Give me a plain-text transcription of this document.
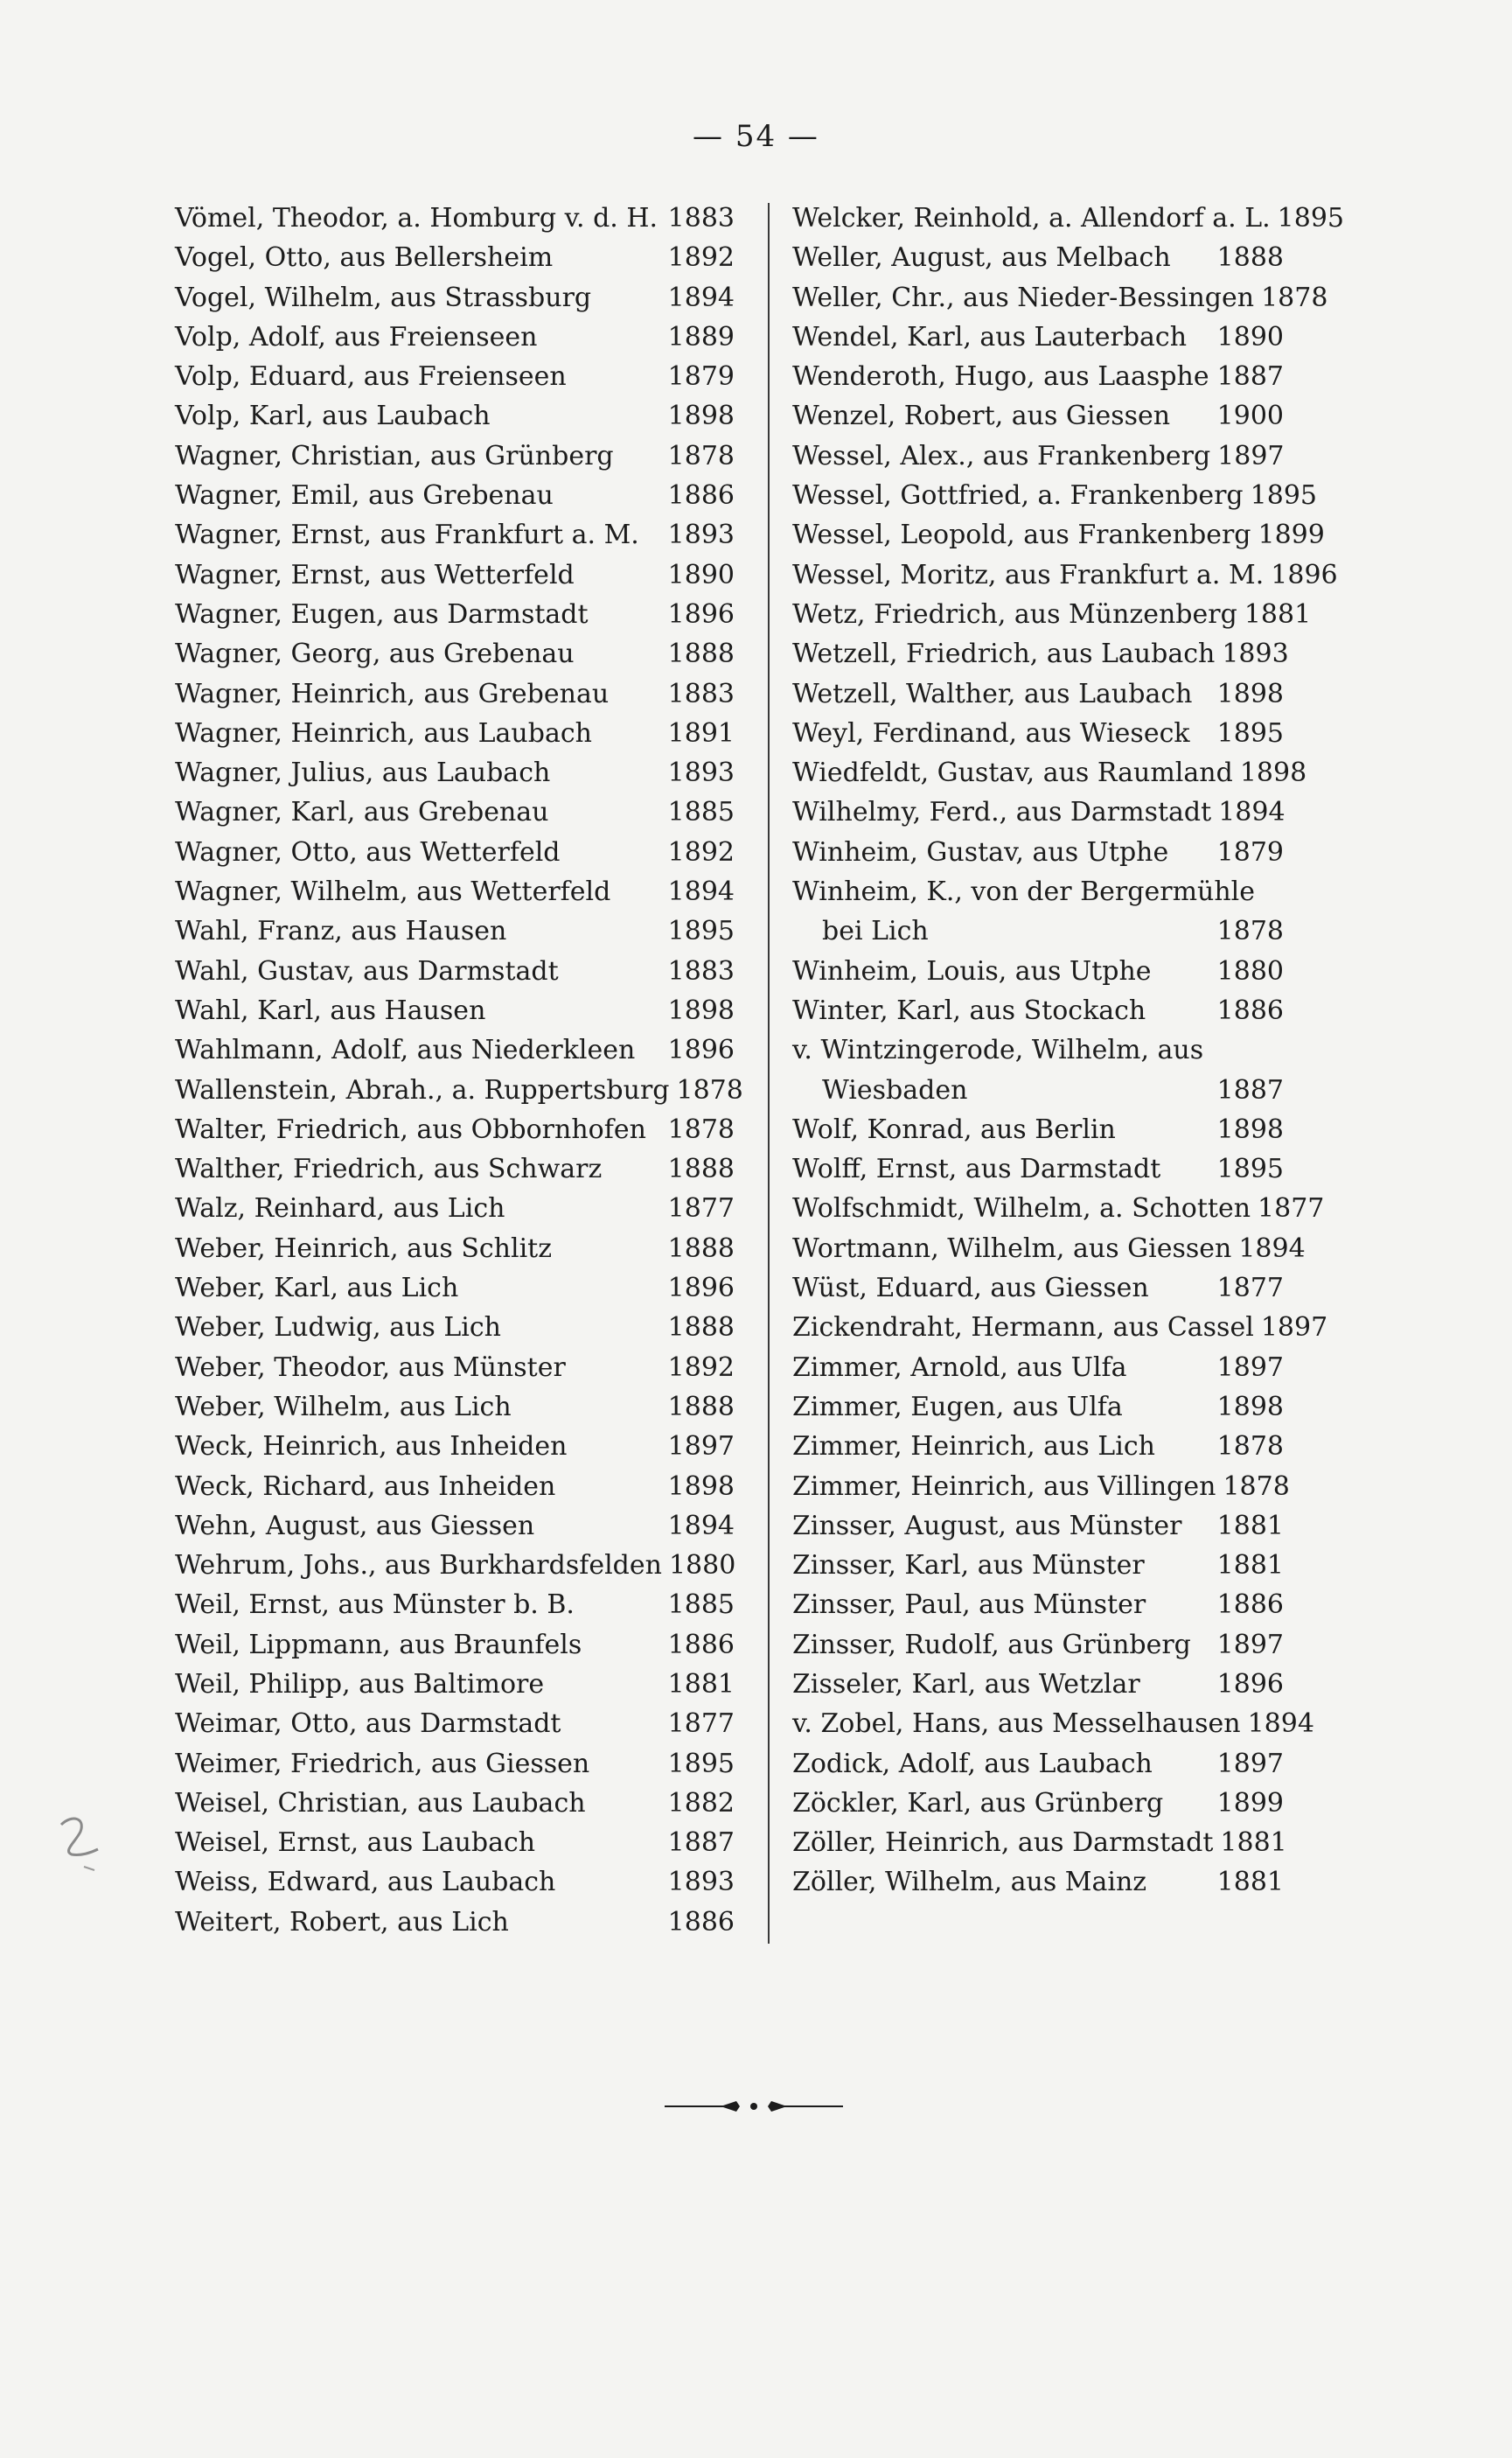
— 54 —
Vömel, Theodor, a. Homburg v. d. H. 1883
Vogel, Otto, aus Bellersheim	1892
Vogel, Wilhelm, aus Strassburg	1894
Volp, Adolf, aus Freienseen	1889
Volp, Eduard, aus Freienseen	1879
Volp, Karl, aus Laubach	1898
Wagner, Christian, aus Grünberg 1878
Wagner, Emil, aus Grebenau	1886
Wagner, Ernst, aus Frankfurt a. M. 1893
Wagner, Ernst, aus Wetterfeld	1890
Wagner, Eugen, aus Darmstadt	1896
Wagner, Georg, aus Grebenau	1888
Wagner, Heinrich, aus Grebenau 1883
Wagner, Heinrich, aus Laubach	1891
Wagner, Julius, aus Laubach	1893
Wagner, Karl, aus Grebenau	1885
Wagner, Otto, aus Wetterfeld	1892
Wagner, Wilhelm, aus Wetterfeld 1894
Wahl, Franz, aus Hausen	1895
Wahl, Gustav, aus Darmstadt	1883
Wahl, Karl, aus Hausen	1898
Wahlmann, Adolf, aus Niederkleen 1896
Wallenstein, Abrah., a. Ruppertsburg 1878
Walter, Friedrich, aus Obbornhofen 1878
Walther, Friedrich, aus Schwarz	1888
Walz, Reinhard, aus Lich	1877
Weber, Heinrich, aus Schlitz	1888
Weber, Karl, aus Lich	1896
Weber, Ludwig, aus Lich	1888
Weber, Theodor, aus Münster	1892
Weber, Wilhelm, aus Lich	1888
Weck, Heinrich, aus Inheiden	1897
Weck, Richard, aus Inheiden	1898
Wehn, August, aus Giessen	1894
Wehrum, Johs., aus Burkhardsfelden 1880
Weil, Ernst, aus Münster b. B.	1885
Weil, Lippmann, aus Braunfels	1886
Weil, Philipp, aus Baltimore	1881
Weimar, Otto, aus Darmstadt	1877
Weimer, Friedrich, aus Giessen	1895
Weisel, Christian, aus Laubach	1882
Weisel, Ernst, aus Laubach	1887
Weiss, Edward, aus Laubach	1893
Weitert, Robert, aus Lich	1886
Welcker, Reinhold, a. Allendorf a. L. 1895
Weller, August, aus Melbach 1888
Weller, Chr., aus Nieder-Bessingen 1878
Wendel, Karl, aus Lauterbach 1890
Wenderoth, Hugo, aus Laasphe 1887
Wenzel, Robert, aus Giessen 1900
Wessel, Alex., aus Frankenberg 1897
Wessel, Gottfried, a. Frankenberg 1895
Wessel, Leopold, aus Frankenberg 1899
Wessel, Moritz, aus Frankfurt a. M. 1896
Wetz, Friedrich, aus Münzenberg 1881
Wetzell, Friedrich, aus Laubach 1893
Wetzell, Walther, aus Laubach 1898
Weyl, Ferdinand, aus Wieseck 1895
Wiedfeldt, Gustav, aus Raumland 1898
Wilhelmy, Ferd., aus Darmstadt 1894
Winheim, Gustav, aus Utphe 1879
Winheim, K., von der Bergermühle
bei Lich	1878
Winheim, Louis, aus Utphe	1880
Winter, Karl, aus Stockach	1886
v. Wintzingerode, Wilhelm, aus
Wiesbaden	1887
Wolf, Konrad, aus Berlin	1898
Wolff, Ernst, aus Darmstadt 1895
Wolfschmidt, Wilhelm, a. Schotten 1877
Wortmann, Wilhelm, aus Giessen 1894
Wüst, Eduard, aus Giessen	1877
Zickendraht, Hermann, aus Cassel 1897
Zimmer, Arnold, aus Ulfa	1897
Zimmer, Eugen, aus Ulfa	1898
Zimmer, Heinrich, aus Lich 1878
Zimmer, Heinrich, aus Villingen 1878
Zinsser, August, aus Münster 1881
Zinsser, Karl, aus Münster	1881
Zinsser, Paul, aus Münster	1886
Zinsser, Rudolf, aus Grünberg 1897
Zisseler, Karl, aus Wetzlar	1896
v. Zobel, Hans, aus Messelhausen 1894
Zodick, Adolf, aus Laubach 1897
Zöckler, Karl, aus Grünberg 1899
Zöller, Heinrich, aus Darmstadt 1881
Zöller, Wilhelm, aus Mainz	1881
